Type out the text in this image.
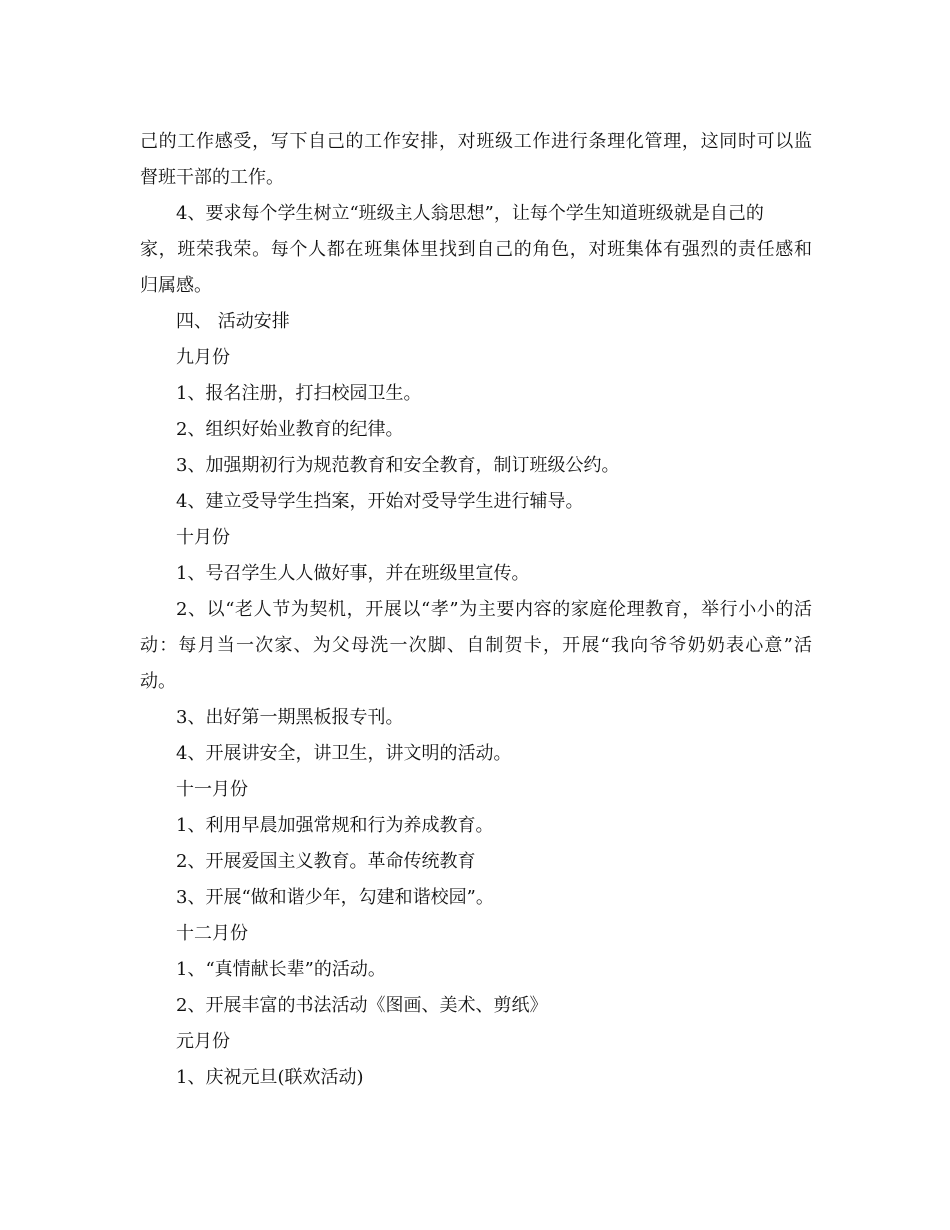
己的工作感受，写下自己的工作安排，对班级工作进行条理化管理，这同时可以监
督班干部的工作。
4、要求每个学生树立“班级主人翁思想”，让每个学生知道班级就是自己的
家，班荣我荣。每个人都在班集体里找到自己的角色，对班集体有强烈的责任感和
归属感。
四、 活动安排
九月份
1、报名注册，打扫校园卫生。
2、组织好始业教育的纪律。
3、加强期初行为规范教育和安全教育，制订班级公约。
4、建立受导学生挡案，开始对受导学生进行辅导。
十月份
1、号召学生人人做好事，并在班级里宣传。
2、以“老人节为契机，开展以“孝”为主要内容的家庭伦理教育，举行小小的活
动：每月当一次家、为父母洗一次脚、自制贺卡，开展“我向爷爷奶奶表心意”活
动。
3、出好第一期黑板报专刊。
4、开展讲安全，讲卫生，讲文明的活动。
十一月份
1、利用早晨加强常规和行为养成教育。
2、开展爱国主义教育。革命传统教育
3、开展“做和谐少年，勾建和谐校园”。
十二月份
1、“真情献长辈”的活动。
2、开展丰富的书法活动《图画、美术、剪纸》
元月份
1、庆祝元旦(联欢活动)
